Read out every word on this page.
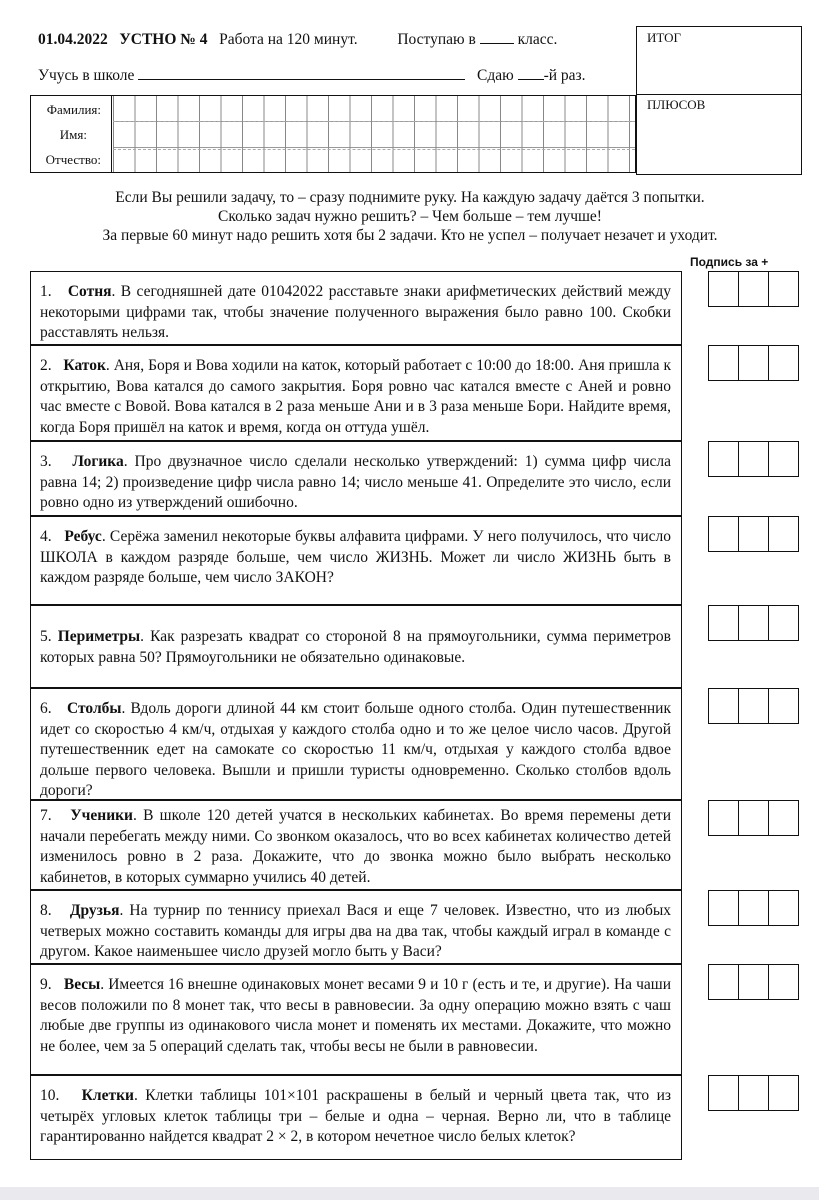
01.04.2022 УСТНО № 4 Работа на 120 минут.	Поступаю в	класс.
Учусь в школе	Сдаю -й раз.
Фамилия:
Имя:
Отчество:
ИТОГ
ПЛЮСОВ
Если Вы решили задачу, то – сразу поднимите руку. На каждую задачу даётся 3 попытки.
Сколько задач нужно решить? – Чем больше – тем лучше!
За первые 60 минут надо решить хотя бы 2 задачи. Кто не успел – получает незачет и уходит.
Подпись за +
1. Сотня. В сегодняшней дате 01042022 расставьте знаки арифметических действий между некоторыми цифрами так, чтобы значение полученного выражения было равно 100. Скобки расставлять нельзя.
2. Каток. Аня, Боря и Вова ходили на каток, который работает с 10:00 до 18:00. Аня пришла к открытию, Вова катался до самого закрытия. Боря ровно час катался вместе с Аней и ровно час вместе с Вовой. Вова катался в 2 раза меньше Ани и в 3 раза меньше Бори. Найдите время, когда Боря пришёл на каток и время, когда он оттуда ушёл.
3. Логика. Про двузначное число сделали несколько утверждений: 1) сумма цифр числа равна 14; 2) произведение цифр числа равно 14; число меньше 41. Определите это число, если ровно одно из утверждений ошибочно.
4. Ребус. Серёжа заменил некоторые буквы алфавита цифрами. У него получилось, что число ШКОЛА в каждом разряде больше, чем число ЖИЗНЬ. Может ли число ЖИЗНЬ быть в каждом разряде больше, чем число ЗАКОН?
5. Периметры. Как разрезать квадрат со стороной 8 на прямоугольники, сумма периметров которых равна 50? Прямоугольники не обязательно одинаковые.
6. Столбы. Вдоль дороги длиной 44 км стоит больше одного столба. Один путешественник идет со скоростью 4 км/ч, отдыхая у каждого столба одно и то же целое число часов. Другой путешественник едет на самокате со скоростью 11 км/ч, отдыхая у каждого столба вдвое дольше первого человека. Вышли и пришли туристы одновременно. Сколько столбов вдоль дороги?
7. Ученики. В школе 120 детей учатся в нескольких кабинетах. Во время перемены дети начали перебегать между ними. Со звонком оказалось, что во всех кабинетах количество детей изменилось ровно в 2 раза. Докажите, что до звонка можно было выбрать несколько кабинетов, в которых суммарно учились 40 детей.
8. Друзья. На турнир по теннису приехал Вася и еще 7 человек. Известно, что из любых четверых можно составить команды для игры два на два так, чтобы каждый играл в команде с другом. Какое наименьшее число друзей могло быть у Васи?
9. Весы. Имеется 16 внешне одинаковых монет весами 9 и 10 г (есть и те, и другие). На чаши весов положили по 8 монет так, что весы в равновесии. За одну операцию можно взять с чаш любые две группы из одинакового числа монет и поменять их местами. Докажите, что можно не более, чем за 5 операций сделать так, чтобы весы не были в равновесии.
10. Клетки. Клетки таблицы 101×101 раскрашены в белый и черный цвета так, что из четырёх угловых клеток таблицы три – белые и одна – черная. Верно ли, что в таблице гарантированно найдется квадрат 2 × 2, в котором нечетное число белых клеток?
